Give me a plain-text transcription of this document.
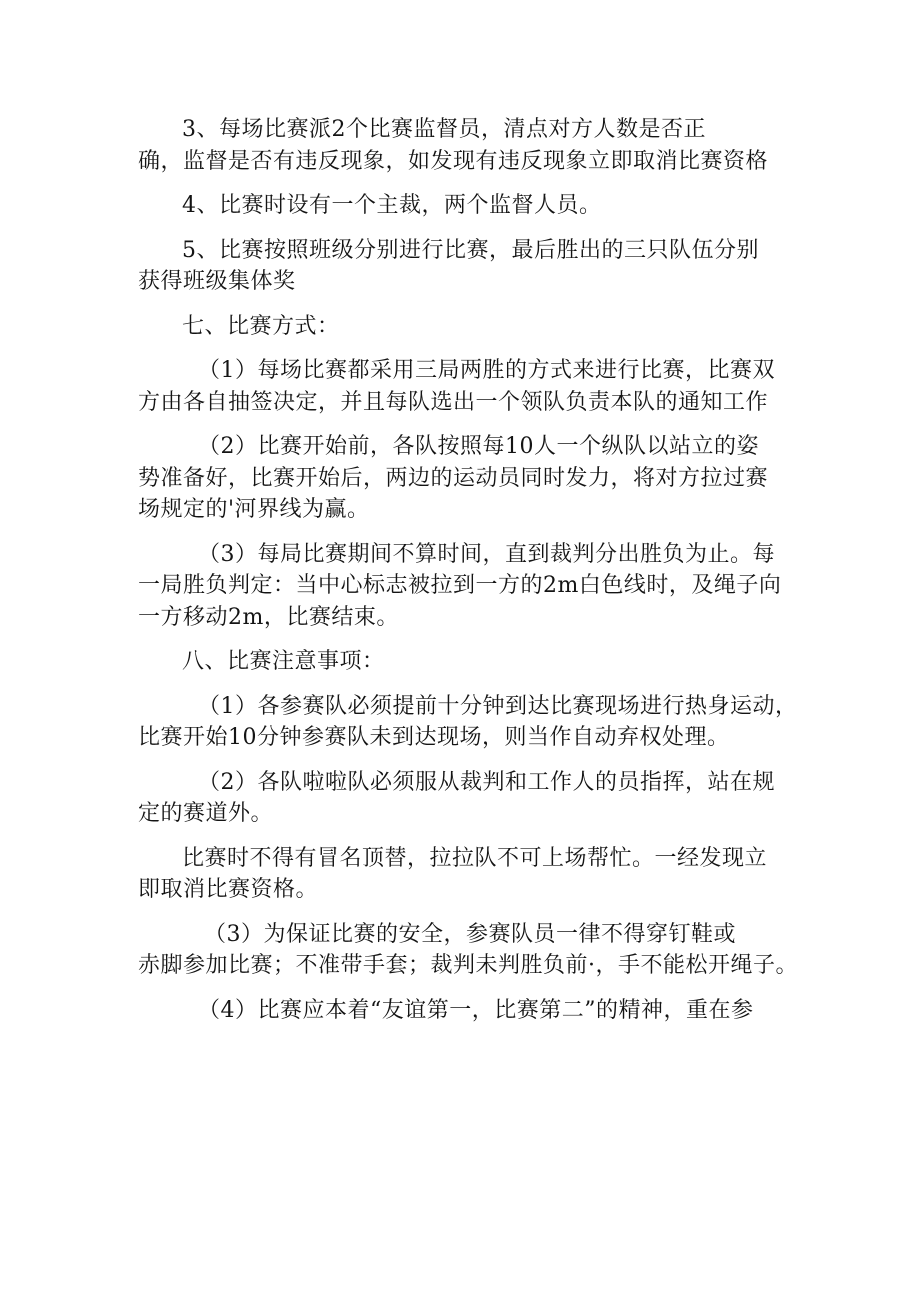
3、每场比赛派2个比赛监督员，清点对方人数是否正
确，监督是否有违反现象，如发现有违反现象立即取消比赛资格
4、比赛时设有一个主裁，两个监督人员。
5、比赛按照班级分别进行比赛，最后胜出的三只队伍分别
获得班级集体奖
七、比赛方式：
（1）每场比赛都采用三局两胜的方式来进行比赛，比赛双
方由各自抽签决定，并且每队选出一个领队负责本队的通知工作
（2）比赛开始前，各队按照每10人一个纵队以站立的姿
势准备好，比赛开始后，两边的运动员同时发力，将对方拉过赛
场规定的'河界线为赢。
（3）每局比赛期间不算时间，直到裁判分出胜负为止。每
一局胜负判定：当中心标志被拉到一方的2m白色线时，及绳子向
一方移动2m，比赛结束。
八、比赛注意事项：
（1）各参赛队必须提前十分钟到达比赛现场进行热身运动，
比赛开始10分钟参赛队未到达现场，则当作自动弃权处理。
（2）各队啦啦队必须服从裁判和工作人的员指挥，站在规
定的赛道外。
比赛时不得有冒名顶替，拉拉队不可上场帮忙。一经发现立
即取消比赛资格。
（3）为保证比赛的安全，参赛队员一律不得穿钉鞋或
赤脚参加比赛；不准带手套；裁判未判胜负前·，手不能松开绳子。
（4）比赛应本着“友谊第一，比赛第二”的精神，重在参
